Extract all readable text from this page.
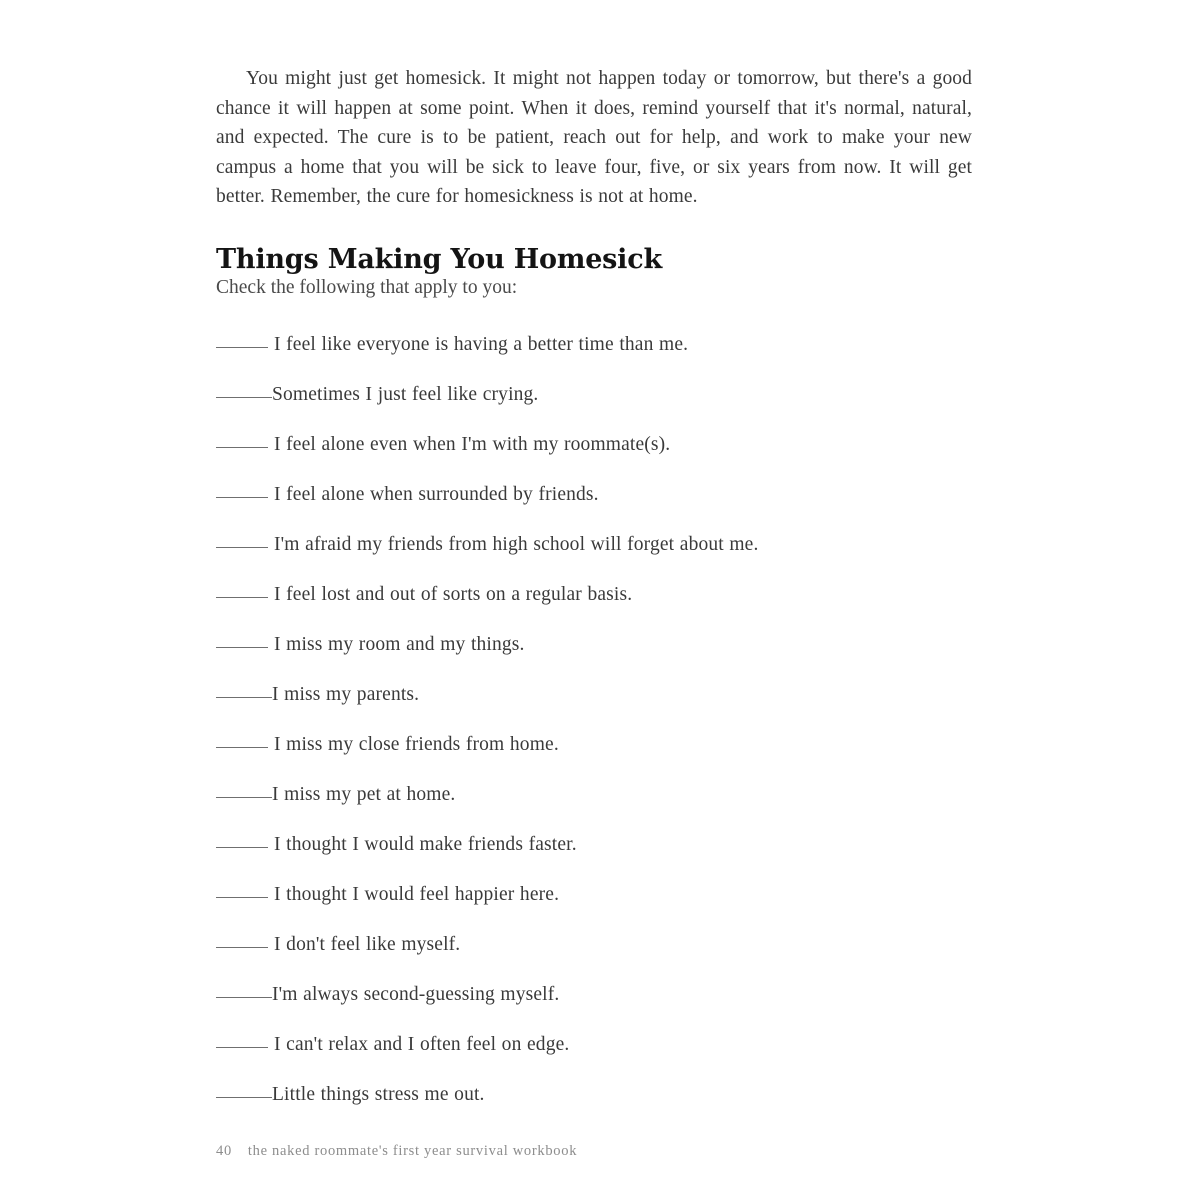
You might just get homesick. It might not happen today or tomorrow, but there's a good chance it will happen at some point. When it does, remind yourself that it's normal, natural, and expected. The cure is to be patient, reach out for help, and work to make your new campus a home that you will be sick to leave four, five, or six years from now. It will get better. Remember, the cure for homesickness is not at home.

Things Making You Homesick

Check the following that apply to you:

I feel like everyone is having a better time than me.
Sometimes I just feel like crying.
I feel alone even when I'm with my roommate(s).
I feel alone when surrounded by friends.
I'm afraid my friends from high school will forget about me.
I feel lost and out of sorts on a regular basis.
I miss my room and my things.
I miss my parents.
I miss my close friends from home.
I miss my pet at home.
I thought I would make friends faster.
I thought I would feel happier here.
I don't feel like myself.
I'm always second-guessing myself.
I can't relax and I often feel on edge.
Little things stress me out.
40 the naked roommate's first year survival workbook
